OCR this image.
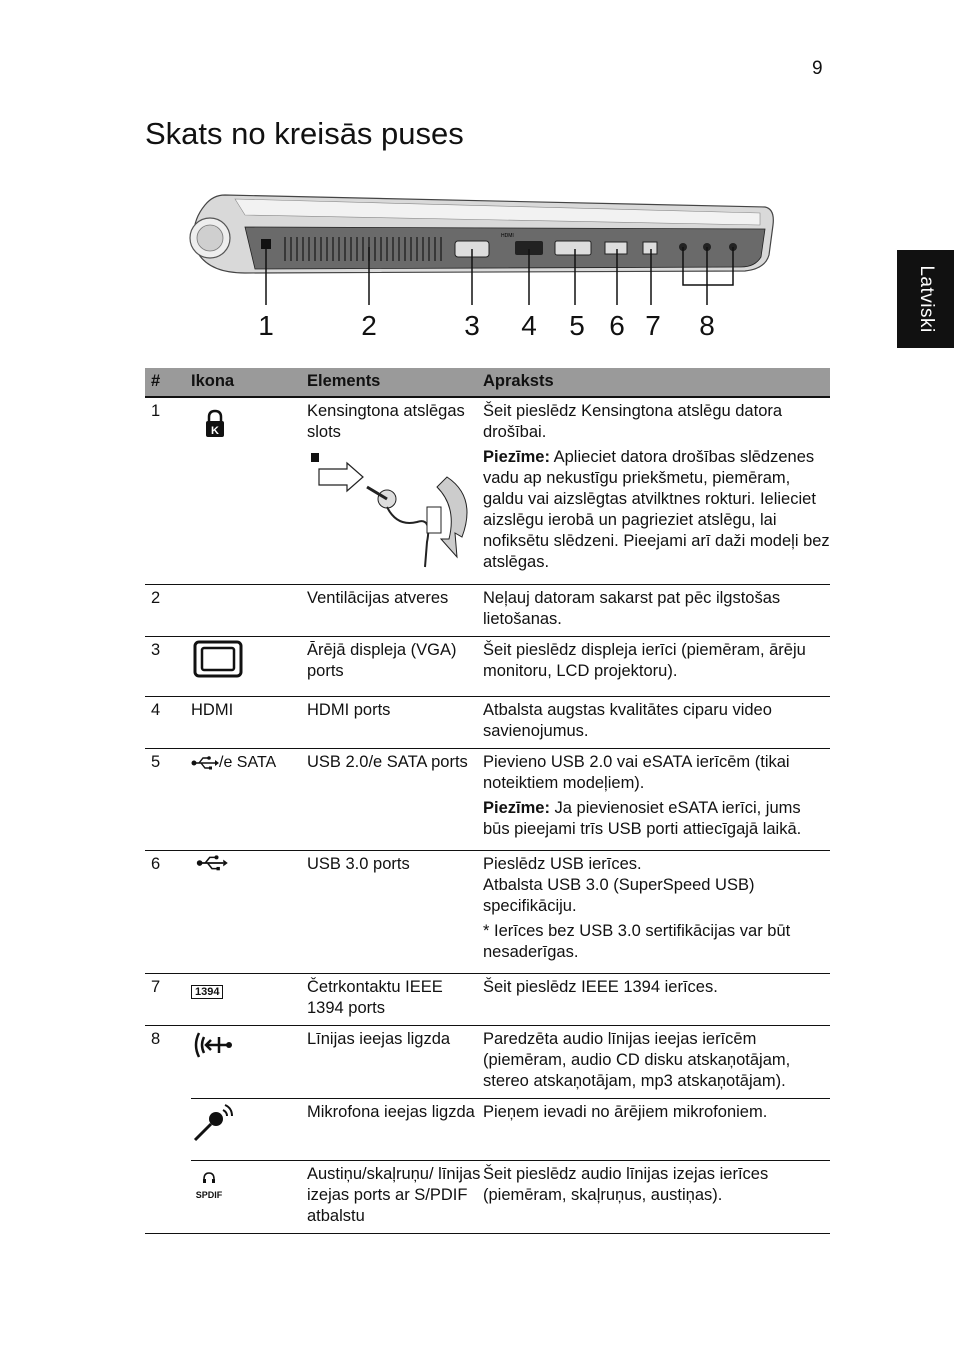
9
Skats no kreisās puses
Latviski
HDMI
1	2	3 4 5 6 7 8
#	Ikona	Elements	Apraksts
1	K	Kensingtona atslēgas slots	Šeit pieslēdz Kensingtona atslēgu datora drošībai.

Piezīme: Aplieciet datora drošības slēdzenes vadu ap nekustīgu priekšmetu, piemēram, galdu vai aizslēgtas atvilktnes rokturi. Ielieciet aizslēgu ierobā un pagrieziet atslēgu, lai nofiksētu slēdzeni. Pieejami arī daži modeļi bez atslēgas.

2		Ventilācijas atveres	Neļauj datoram sakarst pat pēc ilgstošas lietošanas.
3		Ārējā displeja (VGA) ports	Šeit pieslēdz displeja ierīci (piemēram, ārēju monitoru, LCD projektoru).
4	HDMI	HDMI ports	Atbalsta augstas kvalitātes ciparu video savienojumus.
5	/e SATA	USB 2.0/e SATA ports	Pievieno USB 2.0 vai eSATA ierīcēm (tikai noteiktiem modeļiem).

Piezīme: Ja pievienosiet eSATA ierīci, jums būs pieejami trīs USB porti attiecīgajā laikā.

6		USB 3.0 ports	Pieslēdz USB ierīces.

Atbalsta USB 3.0 (SuperSpeed USB) specifikāciju.

* Ierīces bez USB 3.0 sertifikācijas var būt nesaderīgas.

7	1394	Četrkontaktu IEEE 1394 ports	Šeit pieslēdz IEEE 1394 ierīces.
8		Līnijas ieejas ligzda	Paredzēta audio līnijas ieejas ierīcēm (piemēram, audio CD disku atskaņotājam, stereo atskaņotājam, mp3 atskaņotājam).
		Mikrofona ieejas ligzda	Pieņem ievadi no ārējiem mikrofoniem.

	SPDIF	Austiņu/skaļruņu/ līnijas izejas ports ar S/PDIF atbalstu	Šeit pieslēdz audio līnijas izejas ierīces (piemēram, skaļruņus, austiņas).
